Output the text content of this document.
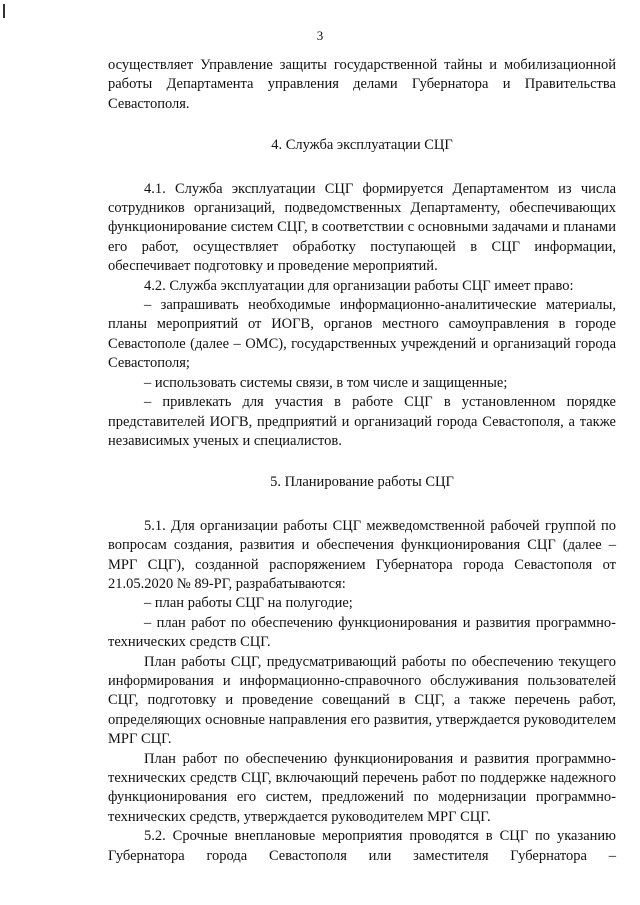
3

осуществляет Управление защиты государственной тайны и мобилизационной работы Департамента управления делами Губернатора и Правительства Севастополя.

4. Служба эксплуатации СЦГ

4.1. Служба эксплуатации СЦГ формируется Департаментом из числа сотрудников организаций, подведомственных Департаменту, обеспечивающих функционирование систем СЦГ, в соответствии с основными задачами и планами его работ, осуществляет обработку поступающей в СЦГ информации, обеспечивает подготовку и проведение мероприятий.

4.2. Служба эксплуатации для организации работы СЦГ имеет право:

– запрашивать необходимые информационно-аналитические материалы, планы мероприятий от ИОГВ, органов местного самоуправления в городе Севастополе (далее – ОМС), государственных учреждений и организаций города Севастополя;

– использовать системы связи, в том числе и защищенные;

– привлекать для участия в работе СЦГ в установленном порядке представителей ИОГВ, предприятий и организаций города Севастополя, а также независимых ученых и специалистов.

5. Планирование работы СЦГ

5.1. Для организации работы СЦГ межведомственной рабочей группой по вопросам создания, развития и обеспечения функционирования СЦГ (далее – МРГ СЦГ), созданной распоряжением Губернатора города Севастополя от 21.05.2020 № 89-РГ, разрабатываются:

– план работы СЦГ на полугодие;

– план работ по обеспечению функционирования и развития программно-технических средств СЦГ.

План работы СЦГ, предусматривающий работы по обеспечению текущего информирования и информационно-справочного обслуживания пользователей СЦГ, подготовку и проведение совещаний в СЦГ, а также перечень работ, определяющих основные направления его развития, утверждается руководителем МРГ СЦГ.

План работ по обеспечению функционирования и развития программно-технических средств СЦГ, включающий перечень работ по поддержке надежного функционирования его систем, предложений по модернизации программно-технических средств, утверждается руководителем МРГ СЦГ.

5.2. Срочные внеплановые мероприятия проводятся в СЦГ по указанию Губернатора города Севастополя или заместителя Губернатора –
